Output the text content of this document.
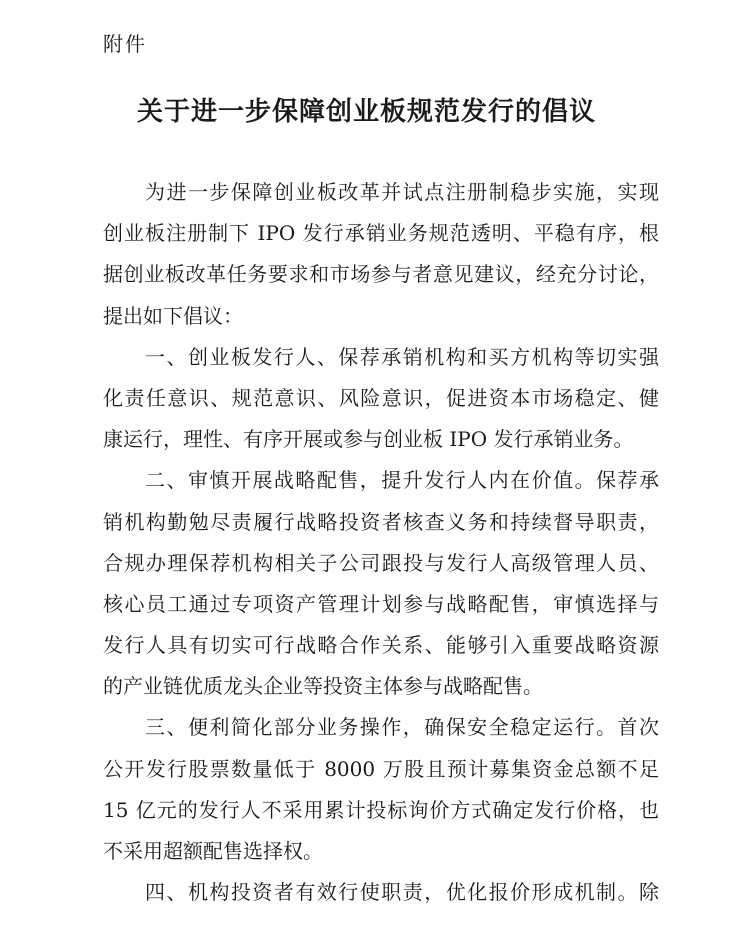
附件
关于进一步保障创业板规范发行的倡议
为进一步保障创业板改革并试点注册制稳步实施，实现
创业板注册制下 IPO 发行承销业务规范透明、平稳有序，根
据创业板改革任务要求和市场参与者意见建议，经充分讨论，
提出如下倡议：
一、创业板发行人、保荐承销机构和买方机构等切实强
化责任意识、规范意识、风险意识，促进资本市场稳定、健
康运行，理性、有序开展或参与创业板 IPO 发行承销业务。
二、审慎开展战略配售，提升发行人内在价值。保荐承
销机构勤勉尽责履行战略投资者核查义务和持续督导职责，
合规办理保荐机构相关子公司跟投与发行人高级管理人员、
核心员工通过专项资产管理计划参与战略配售，审慎选择与
发行人具有切实可行战略合作关系、能够引入重要战略资源
的产业链优质龙头企业等投资主体参与战略配售。
三、便利简化部分业务操作，确保安全稳定运行。首次
公开发行股票数量低于 8000 万股且预计募集资金总额不足
15 亿元的发行人不采用累计投标询价方式确定发行价格，也
不采用超额配售选择权。
四、机构投资者有效行使职责，优化报价形成机制。除
